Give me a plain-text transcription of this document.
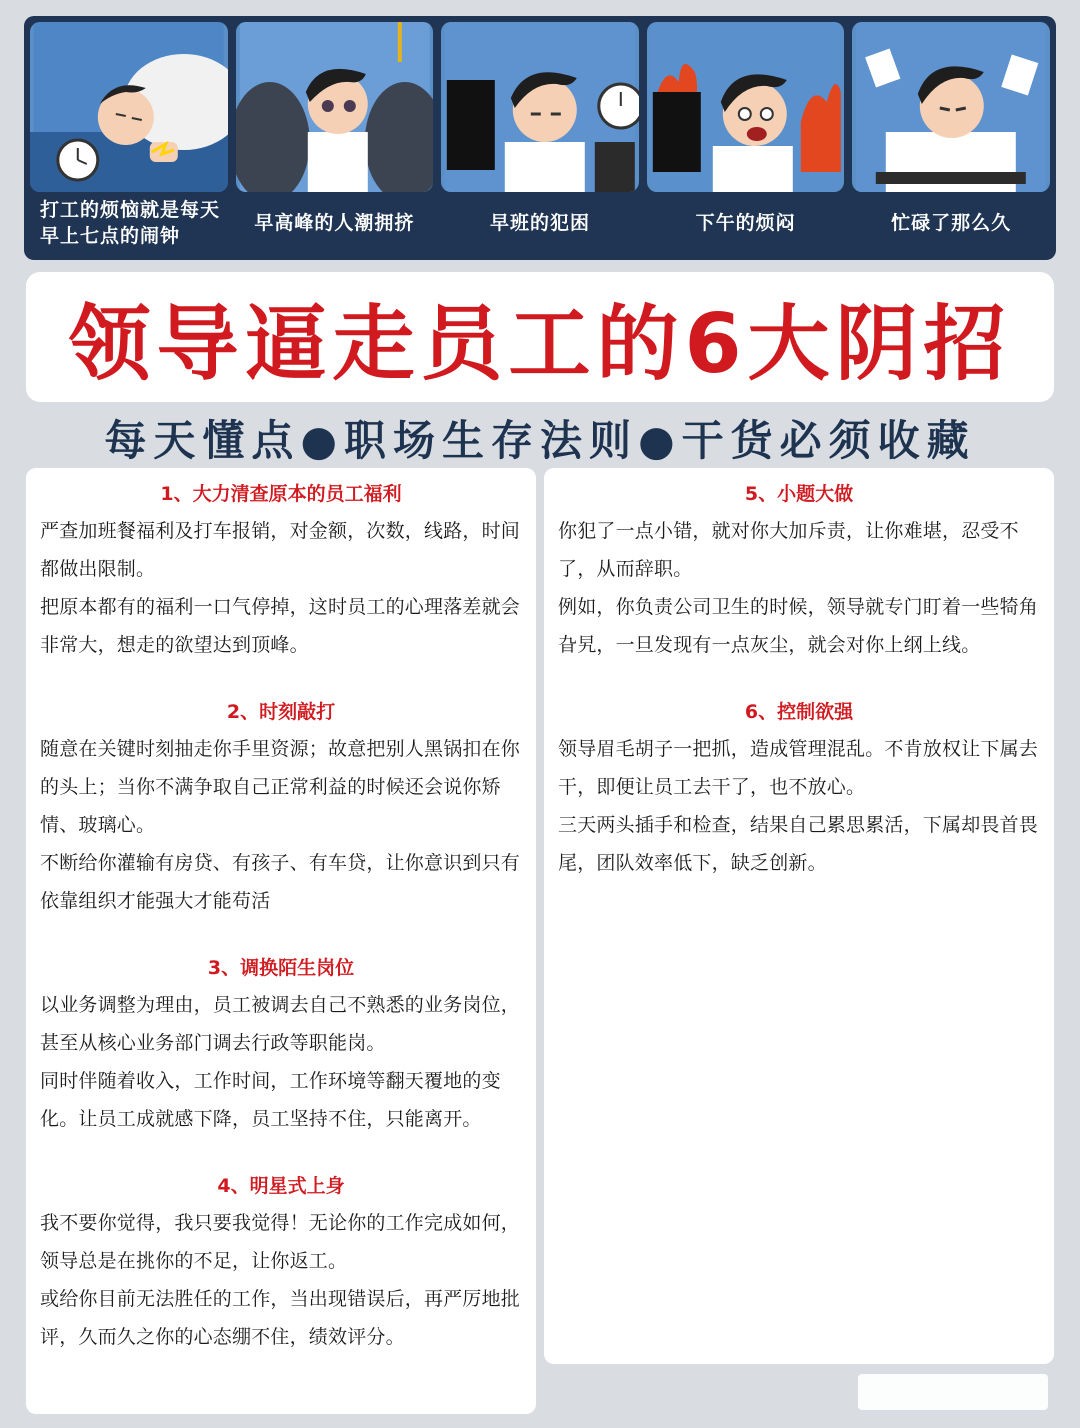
打工的烦恼就是每天早上七点的闹钟
早高峰的人潮拥挤	早班的犯困	下午的烦闷	忙碌了那么久
领导逼走员工的6大阴招
每天懂点●职场生存法则●干货必须收藏
1、大力清查原本的员工福利

严查加班餐福利及打车报销，对金额，次数，线路，时间都做出限制。

把原本都有的福利一口气停掉，这时员工的心理落差就会非常大，想走的欲望达到顶峰。

2、时刻敲打

随意在关键时刻抽走你手里资源；故意把别人黑锅扣在你的头上；当你不满争取自己正常利益的时候还会说你矫情、玻璃心。

不断给你灌输有房贷、有孩子、有车贷，让你意识到只有依靠组织才能强大才能苟活

3、调换陌生岗位

以业务调整为理由，员工被调去自己不熟悉的业务岗位，甚至从核心业务部门调去行政等职能岗。

同时伴随着收入，工作时间，工作环境等翻天覆地的变化。让员工成就感下降，员工坚持不住，只能离开。

4、明星式上身

我不要你觉得，我只要我觉得！无论你的工作完成如何，领导总是在挑你的不足，让你返工。

或给你目前无法胜任的工作，当出现错误后，再严厉地批评，久而久之你的心态绷不住，绩效评分。

5、小题大做

你犯了一点小错，就对你大加斥责，让你难堪，忍受不了，从而辞职。

例如，你负责公司卫生的时候，领导就专门盯着一些犄角旮旯，一旦发现有一点灰尘，就会对你上纲上线。

6、控制欲强

领导眉毛胡子一把抓，造成管理混乱。不肯放权让下属去干，即便让员工去干了，也不放心。

三天两头插手和检查，结果自己累思累活，下属却畏首畏尾，团队效率低下，缺乏创新。
